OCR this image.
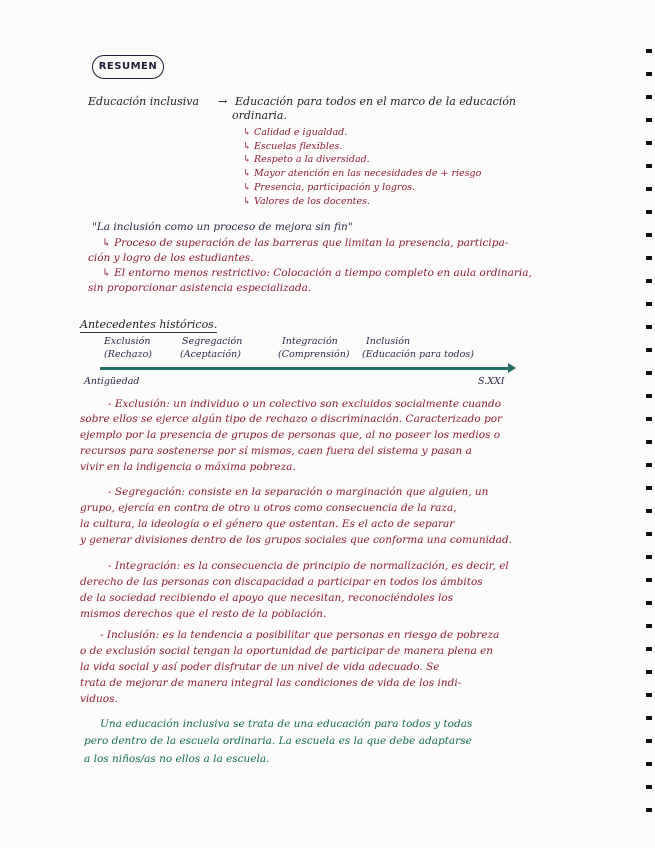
RESUMEN
Educación inclusiva → Educación para todos en el marco de la educación
ordinaria.
↳ Calidad e igualdad.
↳ Escuelas flexibles.
↳ Respeto a la diversidad.
↳ Mayor atención en las necesidades de + riesgo
↳ Presencia, participación y logros.
↳ Valores de los docentes.
"La inclusión como un proceso de mejora sin fin"
↳ Proceso de superación de las barreras que limitan la presencia, participa-
ción y logro de los estudiantes.
↳ El entorno menos restrictivo: Colocación a tiempo completo en aula ordinaria,
sin proporcionar asistencia especializada.
Antecedentes históricos.
Exclusión
(Rechazo)
Segregación
(Aceptación)
Integración
(Comprensión)
Inclusión
(Educación para todos)
Antigüedad	S.XXI
- Exclusión: un individuo o un colectivo son excluidos socialmente cuando
sobre ellos se ejerce algún tipo de rechazo o discriminación. Caracterizado por
ejemplo por la presencia de grupos de personas que, al no poseer los medios o
recursos para sostenerse por sí mismos, caen fuera del sistema y pasan a
vivir en la indigencia o máxima pobreza.
- Segregación: consiste en la separación o marginación que alguien, un
grupo, ejercía en contra de otro u otros como consecuencia de la raza,
la cultura, la ideología o el género que ostentan. Es el acto de separar
y generar divisiones dentro de los grupos sociales que conforma una comunidad.
- Integración: es la consecuencia de principio de normalización, es decir, el
derecho de las personas con discapacidad a participar en todos los ámbitos
de la sociedad recibiendo el apoyo que necesitan, reconociéndoles los
mismos derechos que el resto de la población.
- Inclusión: es la tendencia a posibilitar que personas en riesgo de pobreza
o de exclusión social tengan la oportunidad de participar de manera plena en
la vida social y así poder disfrutar de un nivel de vida adecuado. Se
trata de mejorar de manera integral las condiciones de vida de los indi-
viduos.
Una educación inclusiva se trata de una educación para todos y todas
pero dentro de la escuela ordinaria. La escuela es la que debe adaptarse
a los niños/as no ellos a la escuela.
